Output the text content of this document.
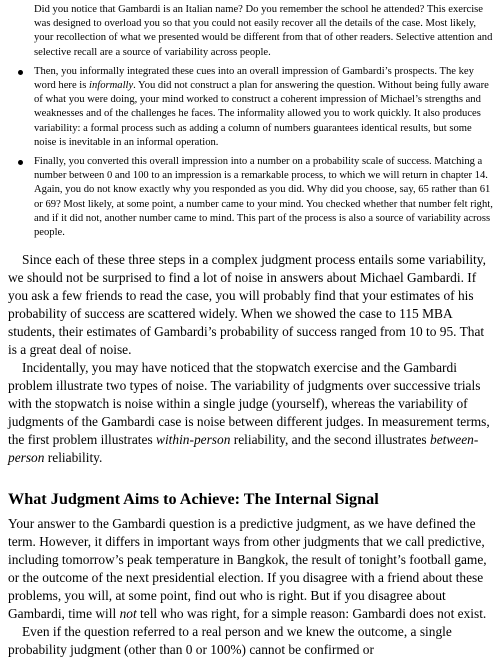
Did you notice that Gambardi is an Italian name? Do you remember the school he attended? This exercise was designed to overload you so that you could not easily recover all the details of the case. Most likely, your recollection of what we presented would be different from that of other readers. Selective attention and selective recall are a source of variability across people.

Then, you informally integrated these cues into an overall impression of Gambardi’s prospects. The key word here is informally. You did not construct a plan for answering the question. Without being fully aware of what you were doing, your mind worked to construct a coherent impression of Michael’s strengths and weaknesses and of the challenges he faces. The informality allowed you to work quickly. It also produces variability: a formal process such as adding a column of numbers guarantees identical results, but some noise is inevitable in an informal operation.
Finally, you converted this overall impression into a number on a probability scale of success. Matching a number between 0 and 100 to an impression is a remarkable process, to which we will return in chapter 14. Again, you do not know exactly why you responded as you did. Why did you choose, say, 65 rather than 61 or 69? Most likely, at some point, a number came to your mind. You checked whether that number felt right, and if it did not, another number came to mind. This part of the process is also a source of variability across people.

Since each of these three steps in a complex judgment process entails some variability, we should not be surprised to find a lot of noise in answers about Michael Gambardi. If you ask a few friends to read the case, you will probably find that your estimates of his probability of success are scattered widely. When we showed the case to 115 MBA students, their estimates of Gambardi’s probability of success ranged from 10 to 95. That is a great deal of noise.

Incidentally, you may have noticed that the stopwatch exercise and the Gambardi problem illustrate two types of noise. The variability of judgments over successive trials with the stopwatch is noise within a single judge (yourself), whereas the variability of judgments of the Gambardi case is noise between different judges. In measurement terms, the first problem illustrates within-person reliability, and the second illustrates between-person reliability.

What Judgment Aims to Achieve: The Internal Signal

Your answer to the Gambardi question is a predictive judgment, as we have defined the term. However, it differs in important ways from other judgments that we call predictive, including tomorrow’s peak temperature in Bangkok, the result of tonight’s football game, or the outcome of the next presidential election. If you disagree with a friend about these problems, you will, at some point, find out who is right. But if you disagree about Gambardi, time will not tell who was right, for a simple reason: Gambardi does not exist.

Even if the question referred to a real person and we knew the outcome, a single probability judgment (other than 0 or 100%) cannot be confirmed or
